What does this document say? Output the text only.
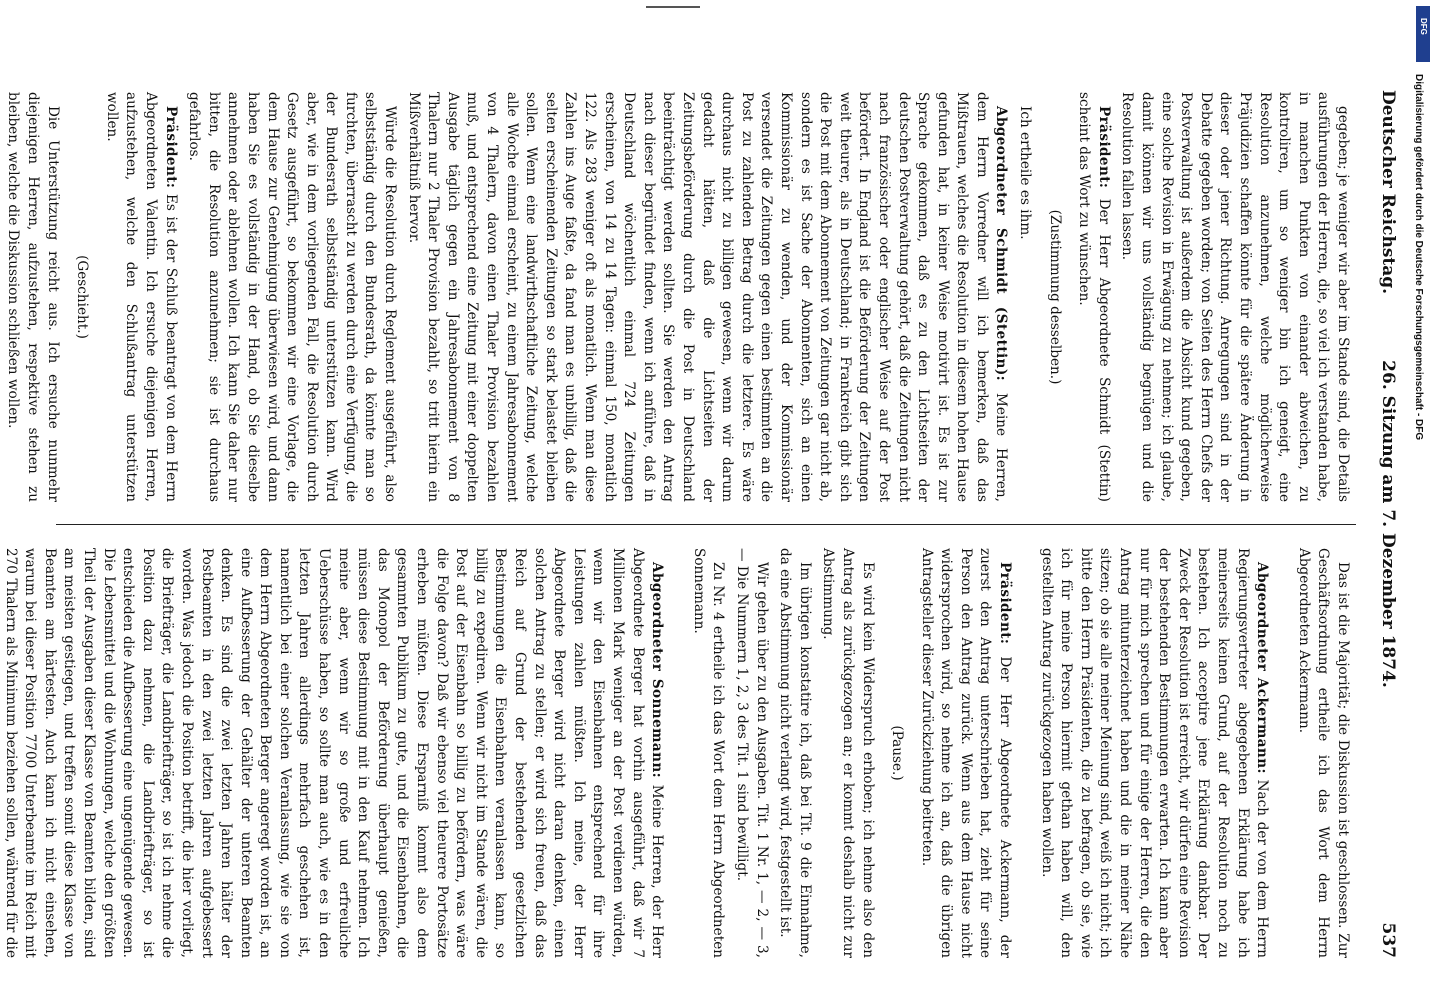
Deutscher Reichstag.
26. Sitzung am 7. Dezember 1874.
537

gegeben; je weniger wir aber im Stande sind, die Details ausführungen der Herren, die, so viel ich verstanden habe, in manchen Punkten von einander abweichen, zu kontroliren, um so weniger bin ich geneigt, eine Resolution anzunehmen, welche möglicherweise Präjudizien schaffen könnte für die spätere Änderung in dieser oder jener Richtung. Anregungen sind in der Debatte gegeben worden; von Seiten des Herrn Chefs der Postverwaltung ist außerdem die Absicht kund gegeben, eine solche Revision in Erwägung zu nehmen; ich glaube, damit können wir uns vollständig begnügen und die Resolution fallen lassen.

Präsident: Der Herr Abgeordnete Schmidt (Stettin) scheint das Wort zu wünschen.

(Zustimmung desselben.)

Ich ertheile es ihm.

Abgeordneter Schmidt (Stettin): Meine Herren, dem Herrn Vorredner will ich bemerken, daß das Mißtrauen, welches die Resolution in diesem hohen Hause gefunden hat, in keiner Weise motivirt ist. Es ist zur Sprache gekommen, daß es zu den Lichtseiten der deutschen Postverwaltung gehört, daß die Zeitungen nicht nach französischer oder englischer Weise auf der Post befördert. In England ist die Beförderung der Zeitungen weit theurer, als in Deutschland; in Frankreich gibt sich die Post mit dem Abonnement von Zeitungen gar nicht ab, sondern es ist Sache der Abonnenten, sich an einen Kommissionär zu wenden, und der Kommissionär versendet die Zeitungen gegen einen bestimmten an die Post zu zahlenden Betrag durch die letztere. Es wäre durchaus nicht zu billigen gewesen, wenn wir darum gedacht hätten, daß die Lichtseiten der Zeitungsbeförderung durch die Post in Deutschland beeinträchtigt werden sollten. Sie werden den Antrag nach dieser begründet finden, wenn ich anführe, daß in Deutschland wöchentlich einmal 724 Zeitungen erscheinen, von 14 zu 14 Tagen: einmal 150, monatlich 122. Als 283 weniger oft als monatlich. Wenn man diese Zahlen ins Auge faßte, da fand man es unbillig, daß die selten erscheinenden Zeitungen so stark belastet bleiben sollen. Wenn eine landwirthschaftliche Zeitung, welche alle Woche einmal erscheint, zu einem Jahresabonnement von 4 Thalern, davon einen Thaler Provision bezahlen muß, und entsprechend eine Zeitung mit einer doppelten Ausgabe täglich gegen ein Jahresabonnement von 8 Thalern nur 2 Thaler Provision bezahlt, so tritt hierin ein Mißverhältniß hervor.

Würde die Resolution durch Reglement ausgeführt, also selbstständig durch den Bundesrath, da könnte man so furchten, überrascht zu werden durch eine Verfügung, die der Bundesrath selbstständig unterstützen kann. Wird aber, wie in dem vorliegenden Fall, die Resolution durch Gesetz ausgeführt, so bekommen wir eine Vorlage, die dem Hause zur Genehmigung überwiesen wird, und dann haben Sie es vollständig in der Hand, ob Sie dieselbe annehmen oder ablehnen wollen. Ich kann Sie daher nur bitten, die Resolution anzunehmen; sie ist durchaus gefahrlos.

Präsident: Es ist der Schluß beantragt von dem Herrn Abgeordneten Valentin. Ich ersuche diejenigen Herren, aufzustehen, welche den Schlußantrag unterstützen wollen.

(Geschieht.)

Die Unterstützung reicht aus. Ich ersuche nunmehr diejenigen Herren, aufzustehen, respektive stehen zu bleiben, welche die Diskussion schließen wollen.

Das ist die Majorität; die Diskussion ist geschlossen. Zur Geschäftsordnung ertheile ich das Wort dem Herrn Abgeordneten Ackermann.

Abgeordneter Ackermann: Nach der von dem Herrn Regierungsvertreter abgegebenen Erklärung habe ich meinerseits keinen Grund, auf der Resolution noch zu bestehen. Ich acceptire jene Erklärung dankbar. Der Zweck der Resolution ist erreicht, wir dürfen eine Revision der bestehenden Bestimmungen erwarten. Ich kann aber nur für mich sprechen und für einige der Herren, die den Antrag mitunterzeichnet haben und die in meiner Nähe sitzen; ob sie alle meiner Meinung sind, weiß ich nicht; ich bitte den Herrn Präsidenten, die zu befragen, ob sie, wie ich für meine Person hiermit gethan haben will, den gestellten Antrag zurückgezogen haben wollen.

Präsident: Der Herr Abgeordnete Ackermann, der zuerst den Antrag unterschrieben hat, zieht für seine Person den Antrag zurück. Wenn aus dem Hause nicht widersprochen wird, so nehme ich an, daß die übrigen Antragsteller dieser Zurückziehung beitreten.

(Pause.)

Es wird kein Widerspruch erhoben; ich nehme also den Antrag als zurückgezogen an; er kommt deshalb nicht zur Abstimmung.

Im übrigen konstatire ich, daß bei Tit. 9 die Einnahme, da eine Abstimmung nicht verlangt wird, festgestellt ist.

Wir gehen über zu den Ausgaben. Tit. 1 Nr. 1, — 2, — 3, — Die Nummern 1, 2, 3 des Tit. 1 sind bewilligt.

Zu Nr. 4 ertheile ich das Wort dem Herrn Abgeordneten Sonnemann.

Abgeordneter Sonnemann: Meine Herren, der Herr Abgeordnete Berger hat vorhin ausgeführt, daß wir 7 Millionen Mark weniger an der Post verdienen würden, wenn wir den Eisenbahnen entsprechend für ihre Leistungen zahlen müßten. Ich meine, der Herr Abgeordnete Berger wird nicht daran denken, einen solchen Antrag zu stellen; er wird sich freuen, daß das Reich auf Grund der bestehenden gesetzlichen Bestimmungen die Eisenbahnen veranlassen kann, so billig zu expediren. Wenn wir nicht im Stande wären, die Post auf der Eisenbahn so billig zu befördern, was wäre die Folge davon? Daß wir ebenso viel theurere Portosätze erheben müßten. Diese Ersparniß kommt also dem gesammten Publikum zu gute, und die Eisenbahnen, die das Monopol der Beförderung überhaupt genießen, müssen diese Bestimmung mit in den Kauf nehmen. Ich meine aber, wenn wir so große und erfreuliche Ueberschüsse haben, so sollte man auch, wie es in den letzten Jahren allerdings mehrfach geschehen ist, namentlich bei einer solchen Veranlassung, wie sie von dem Herrn Abgeordneten Berger angeregt worden ist, an eine Aufbesserung der Gehälter der unteren Beamten denken. Es sind die zwei letzten Jahren hälter der Postbeamten in den zwei letzten Jahren aufgebessert worden. Was jedoch die Position betrifft, die hier vorliegt, die Briefträger, die Landbriefträger, so ist ich nehme die Position dazu nehmen, die Landbriefträger, so ist entschieden die Aufbesserung eine ungenügende gewesen. Die Lebensmittel und die Wohnungen, welche den größten Theil der Ausgaben dieser Klasse von Beamten bilden, sind am meisten gestiegen, und treffen somit diese Klasse von Beamten am härtesten. Auch kann ich nicht einsehen, warum bei dieser Position 7700 Unterbeamte im Reich mit 270 Thalern als Minimum beziehen sollen, während für die

DFG
Digitalisierung gefördert durch die Deutsche Forschungsgemeinschaft - DFG
